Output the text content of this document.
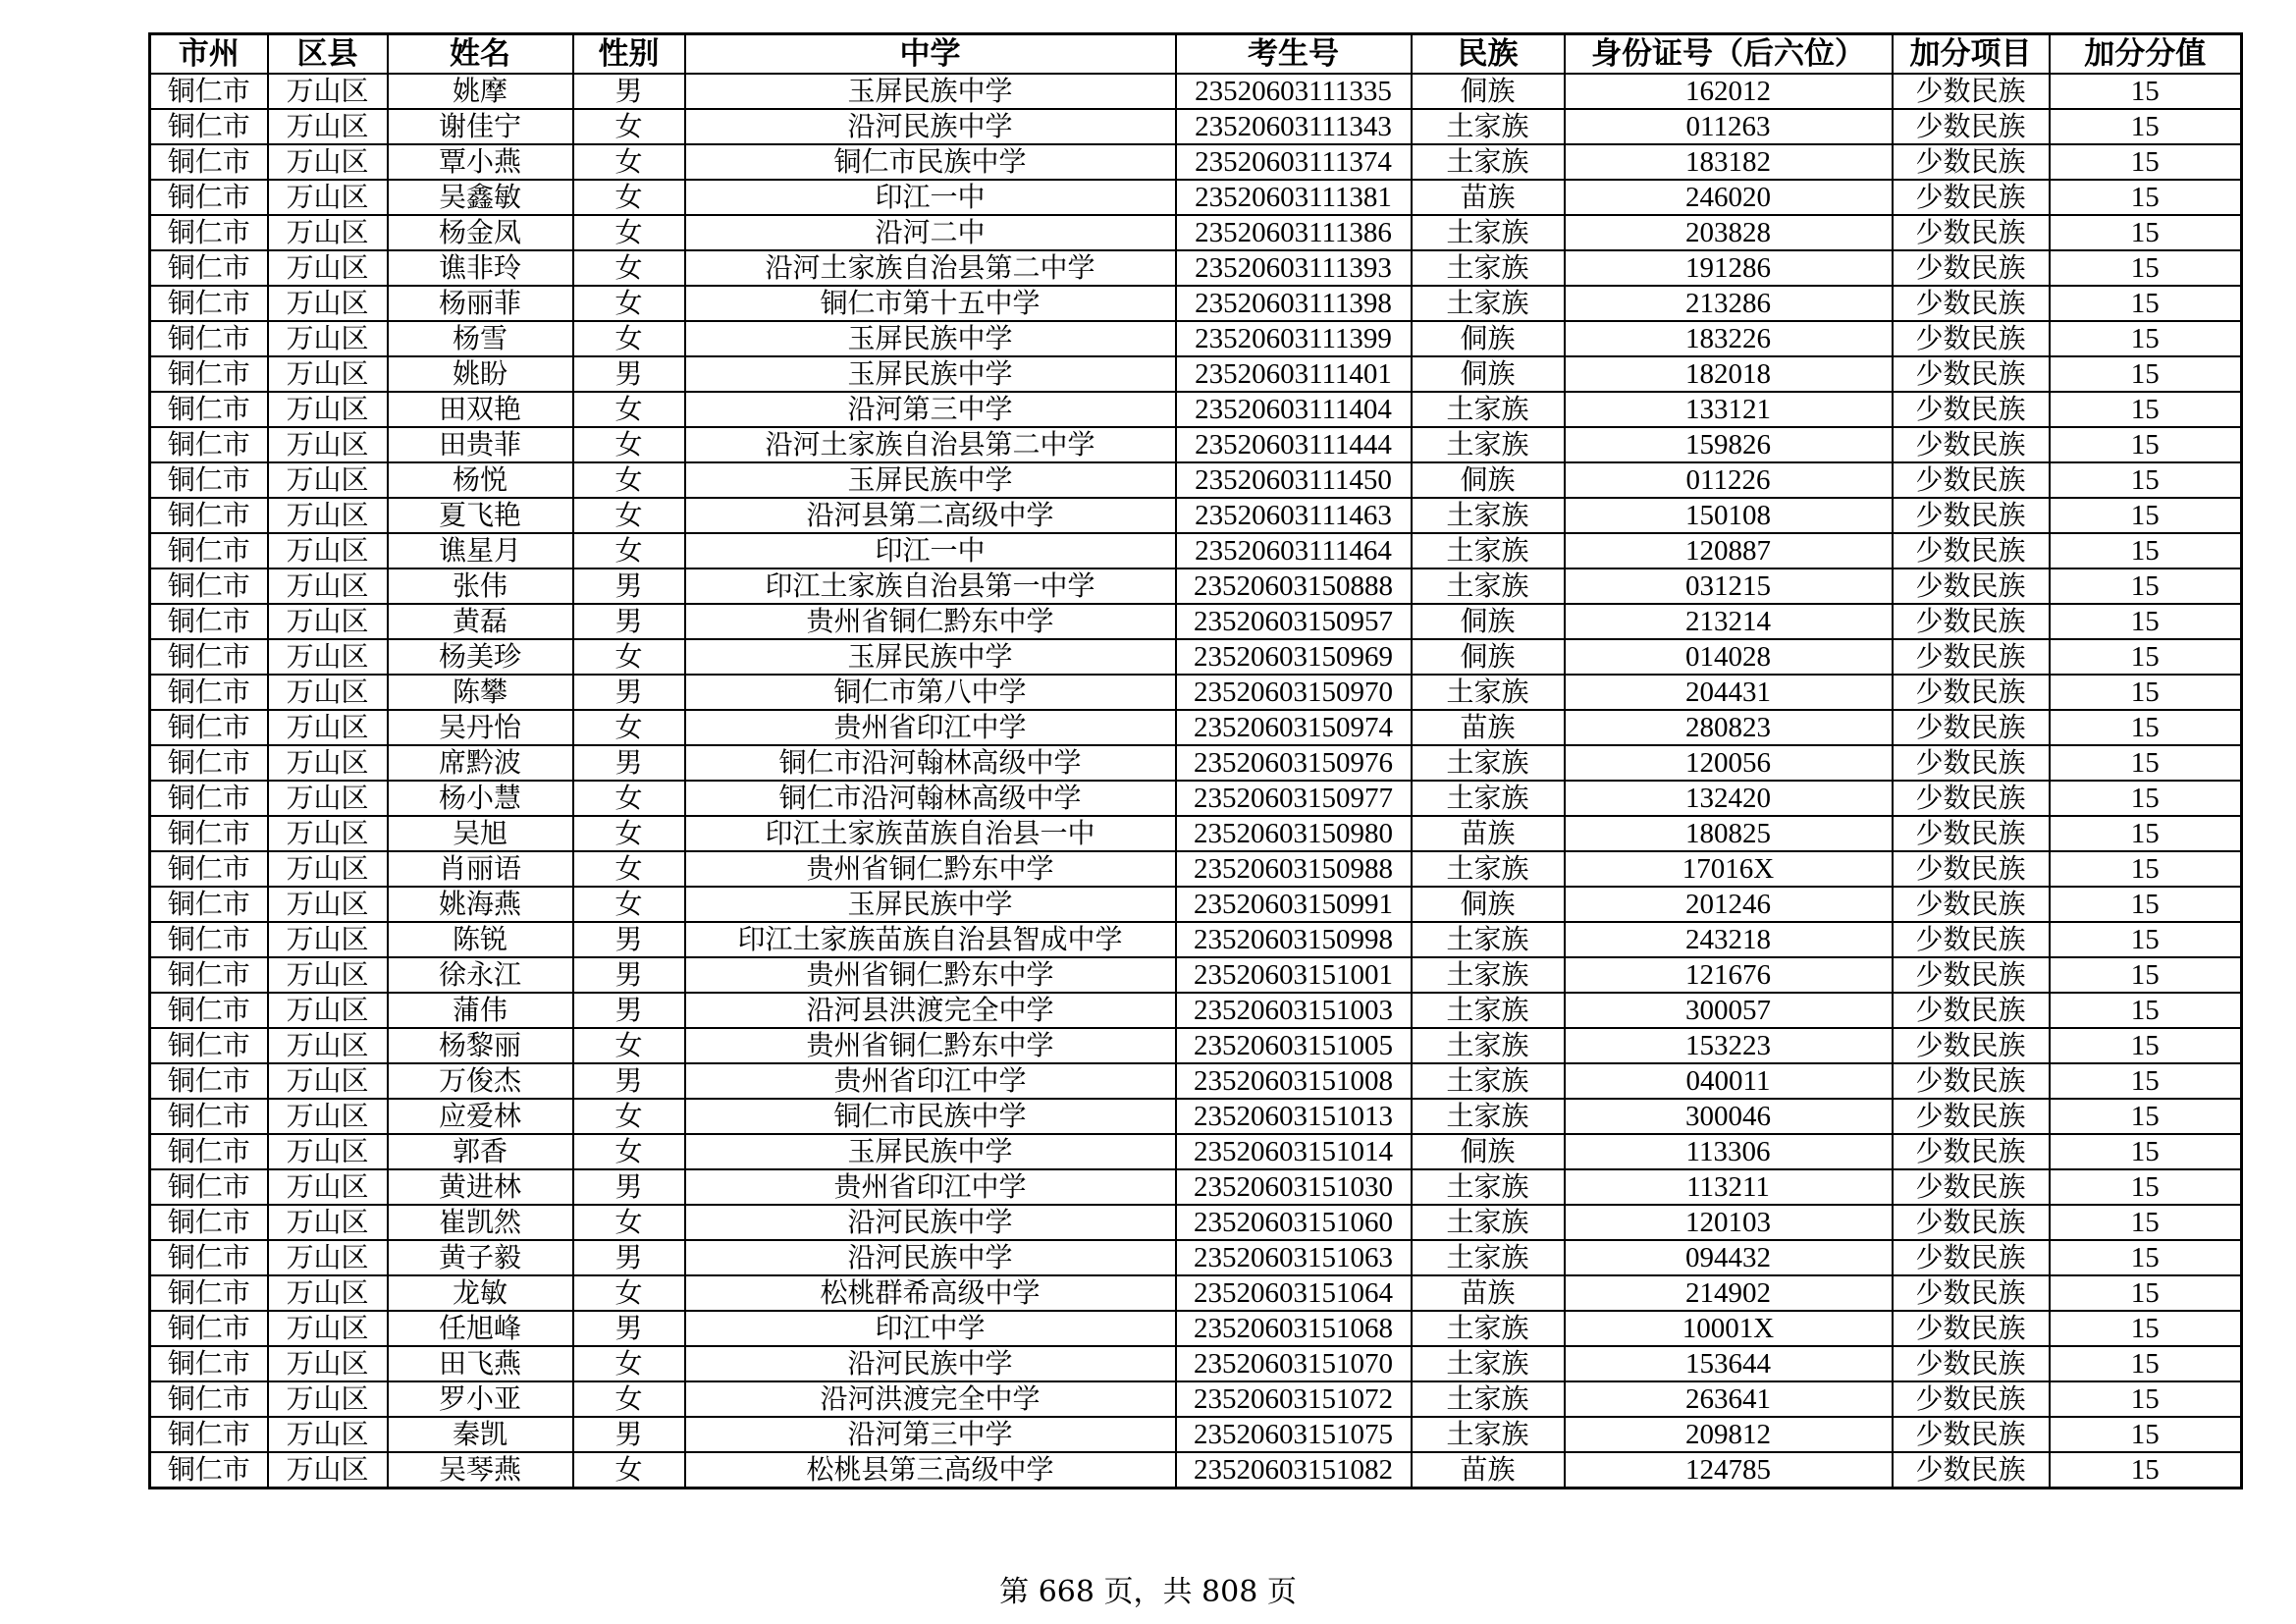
市州	区县	姓名	性别	中学	考生号	民族	身份证号（后六位）	加分项目	加分分值
铜仁市	万山区	姚摩	男	玉屏民族中学	23520603111335	侗族	162012	少数民族	15
铜仁市	万山区	谢佳宁	女	沿河民族中学	23520603111343	土家族	011263	少数民族	15
铜仁市	万山区	覃小燕	女	铜仁市民族中学	23520603111374	土家族	183182	少数民族	15
铜仁市	万山区	吴鑫敏	女	印江一中	23520603111381	苗族	246020	少数民族	15
铜仁市	万山区	杨金凤	女	沿河二中	23520603111386	土家族	203828	少数民族	15
铜仁市	万山区	谯非玲	女	沿河土家族自治县第二中学	23520603111393	土家族	191286	少数民族	15
铜仁市	万山区	杨丽菲	女	铜仁市第十五中学	23520603111398	土家族	213286	少数民族	15
铜仁市	万山区	杨雪	女	玉屏民族中学	23520603111399	侗族	183226	少数民族	15
铜仁市	万山区	姚盼	男	玉屏民族中学	23520603111401	侗族	182018	少数民族	15
铜仁市	万山区	田双艳	女	沿河第三中学	23520603111404	土家族	133121	少数民族	15
铜仁市	万山区	田贵菲	女	沿河土家族自治县第二中学	23520603111444	土家族	159826	少数民族	15
铜仁市	万山区	杨悦	女	玉屏民族中学	23520603111450	侗族	011226	少数民族	15
铜仁市	万山区	夏飞艳	女	沿河县第二高级中学	23520603111463	土家族	150108	少数民族	15
铜仁市	万山区	谯星月	女	印江一中	23520603111464	土家族	120887	少数民族	15
铜仁市	万山区	张伟	男	印江土家族自治县第一中学	23520603150888	土家族	031215	少数民族	15
铜仁市	万山区	黄磊	男	贵州省铜仁黔东中学	23520603150957	侗族	213214	少数民族	15
铜仁市	万山区	杨美珍	女	玉屏民族中学	23520603150969	侗族	014028	少数民族	15
铜仁市	万山区	陈攀	男	铜仁市第八中学	23520603150970	土家族	204431	少数民族	15
铜仁市	万山区	吴丹怡	女	贵州省印江中学	23520603150974	苗族	280823	少数民族	15
铜仁市	万山区	席黔波	男	铜仁市沿河翰林高级中学	23520603150976	土家族	120056	少数民族	15
铜仁市	万山区	杨小慧	女	铜仁市沿河翰林高级中学	23520603150977	土家族	132420	少数民族	15
铜仁市	万山区	吴旭	女	印江土家族苗族自治县一中	23520603150980	苗族	180825	少数民族	15
铜仁市	万山区	肖丽语	女	贵州省铜仁黔东中学	23520603150988	土家族	17016X	少数民族	15
铜仁市	万山区	姚海燕	女	玉屏民族中学	23520603150991	侗族	201246	少数民族	15
铜仁市	万山区	陈锐	男	印江土家族苗族自治县智成中学	23520603150998	土家族	243218	少数民族	15
铜仁市	万山区	徐永江	男	贵州省铜仁黔东中学	23520603151001	土家族	121676	少数民族	15
铜仁市	万山区	蒲伟	男	沿河县洪渡完全中学	23520603151003	土家族	300057	少数民族	15
铜仁市	万山区	杨黎丽	女	贵州省铜仁黔东中学	23520603151005	土家族	153223	少数民族	15
铜仁市	万山区	万俊杰	男	贵州省印江中学	23520603151008	土家族	040011	少数民族	15
铜仁市	万山区	应爱林	女	铜仁市民族中学	23520603151013	土家族	300046	少数民族	15
铜仁市	万山区	郭香	女	玉屏民族中学	23520603151014	侗族	113306	少数民族	15
铜仁市	万山区	黄进林	男	贵州省印江中学	23520603151030	土家族	113211	少数民族	15
铜仁市	万山区	崔凯然	女	沿河民族中学	23520603151060	土家族	120103	少数民族	15
铜仁市	万山区	黄子毅	男	沿河民族中学	23520603151063	土家族	094432	少数民族	15
铜仁市	万山区	龙敏	女	松桃群希高级中学	23520603151064	苗族	214902	少数民族	15
铜仁市	万山区	任旭峰	男	印江中学	23520603151068	土家族	10001X	少数民族	15
铜仁市	万山区	田飞燕	女	沿河民族中学	23520603151070	土家族	153644	少数民族	15
铜仁市	万山区	罗小亚	女	沿河洪渡完全中学	23520603151072	土家族	263641	少数民族	15
铜仁市	万山区	秦凯	男	沿河第三中学	23520603151075	土家族	209812	少数民族	15
铜仁市	万山区	吴琴燕	女	松桃县第三高级中学	23520603151082	苗族	124785	少数民族	15
第 668 页，共 808 页
